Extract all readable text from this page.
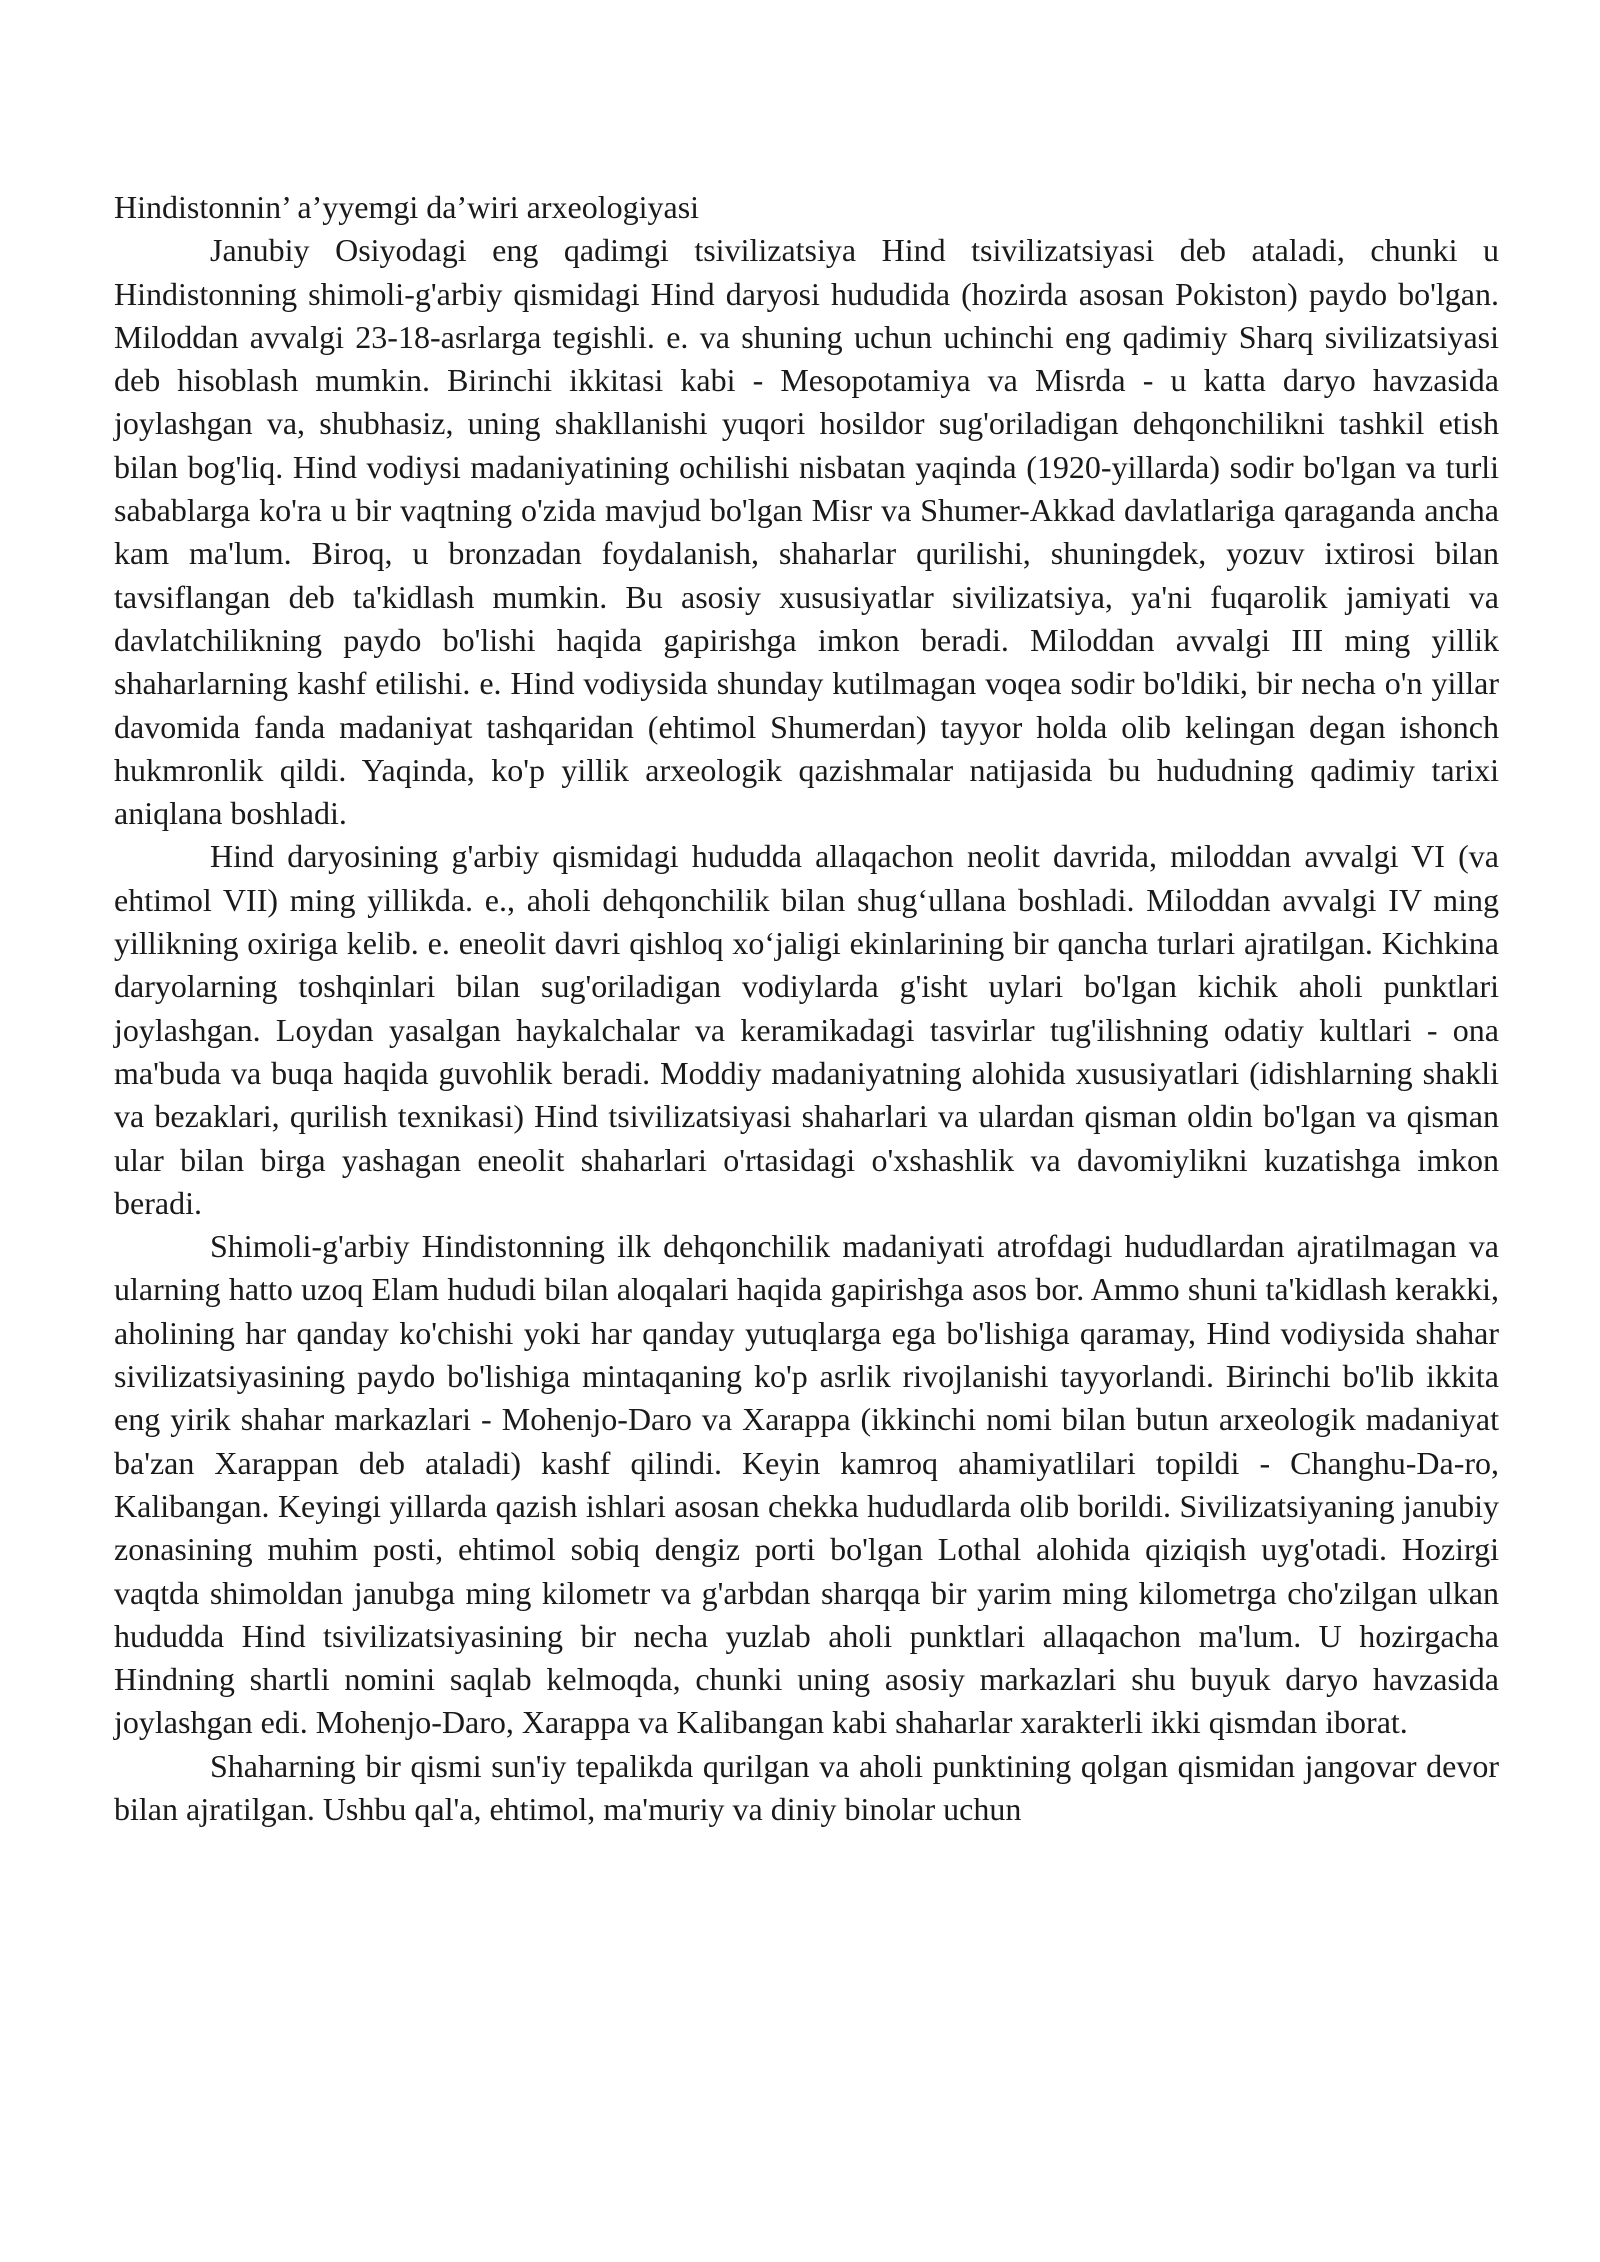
Hindistonnin’ a’yyemgi da’wiri arxeologiyasi

Janubiy Osiyodagi eng qadimgi tsivilizatsiya Hind tsivilizatsiyasi deb ataladi, chunki u Hindistonning shimoli-g'arbiy qismidagi Hind daryosi hududida (hozirda asosan Pokiston) paydo bo'lgan. Miloddan avvalgi 23-18-asrlarga tegishli. e. va shuning uchun uchinchi eng qadimiy Sharq sivilizatsiyasi deb hisoblash mumkin. Birinchi ikkitasi kabi - Mesopotamiya va Misrda - u katta daryo havzasida joylashgan va, shubhasiz, uning shakllanishi yuqori hosildor sug'oriladigan dehqonchilikni tashkil etish bilan bog'liq. Hind vodiysi madaniyatining ochilishi nisbatan yaqinda (1920-yillarda) sodir bo'lgan va turli sabablarga ko'ra u bir vaqtning o'zida mavjud bo'lgan Misr va Shumer-Akkad davlatlariga qaraganda ancha kam ma'lum. Biroq, u bronzadan foydalanish, shaharlar qurilishi, shuningdek, yozuv ixtirosi bilan tavsiflangan deb ta'kidlash mumkin. Bu asosiy xususiyatlar sivilizatsiya, ya'ni fuqarolik jamiyati va davlatchilikning paydo bo'lishi haqida gapirishga imkon beradi. Miloddan avvalgi III ming yillik shaharlarning kashf etilishi. e. Hind vodiysida shunday kutilmagan voqea sodir bo'ldiki, bir necha o'n yillar davomida fanda madaniyat tashqaridan (ehtimol Shumerdan) tayyor holda olib kelingan degan ishonch hukmronlik qildi. Yaqinda, ko'p yillik arxeologik qazishmalar natijasida bu hududning qadimiy tarixi aniqlana boshladi.

Hind daryosining g'arbiy qismidagi hududda allaqachon neolit davrida, miloddan avvalgi VI (va ehtimol VII) ming yillikda. e., aholi dehqonchilik bilan shug‘ullana boshladi. Miloddan avvalgi IV ming yillikning oxiriga kelib. e. eneolit davri qishloq xo‘jaligi ekinlarining bir qancha turlari ajratilgan. Kichkina daryolarning toshqinlari bilan sug'oriladigan vodiylarda g'isht uylari bo'lgan kichik aholi punktlari joylashgan. Loydan yasalgan haykalchalar va keramikadagi tasvirlar tug'ilishning odatiy kultlari - ona ma'buda va buqa haqida guvohlik beradi. Moddiy madaniyatning alohida xususiyatlari (idishlarning shakli va bezaklari, qurilish texnikasi) Hind tsivilizatsiyasi shaharlari va ulardan qisman oldin bo'lgan va qisman ular bilan birga yashagan eneolit shaharlari o'rtasidagi o'xshashlik va davomiylikni kuzatishga imkon beradi.

Shimoli-g'arbiy Hindistonning ilk dehqonchilik madaniyati atrofdagi hududlardan ajratilmagan va ularning hatto uzoq Elam hududi bilan aloqalari haqida gapirishga asos bor. Ammo shuni ta'kidlash kerakki, aholining har qanday ko'chishi yoki har qanday yutuqlarga ega bo'lishiga qaramay, Hind vodiysida shahar sivilizatsiyasining paydo bo'lishiga mintaqaning ko'p asrlik rivojlanishi tayyorlandi. Birinchi bo'lib ikkita eng yirik shahar markazlari - Mohenjo-Daro va Xarappa (ikkinchi nomi bilan butun arxeologik madaniyat ba'zan Xarappan deb ataladi) kashf qilindi. Keyin kamroq ahamiyatlilari topildi - Changhu-Da-ro, Kalibangan. Keyingi yillarda qazish ishlari asosan chekka hududlarda olib borildi. Sivilizatsiyaning janubiy zonasining muhim posti, ehtimol sobiq dengiz porti bo'lgan Lothal alohida qiziqish uyg'otadi. Hozirgi vaqtda shimoldan janubga ming kilometr va g'arbdan sharqqa bir yarim ming kilometrga cho'zilgan ulkan hududda Hind tsivilizatsiyasining bir necha yuzlab aholi punktlari allaqachon ma'lum. U hozirgacha Hindning shartli nomini saqlab kelmoqda, chunki uning asosiy markazlari shu buyuk daryo havzasida joylashgan edi. Mohenjo-Daro, Xarappa va Kalibangan kabi shaharlar xarakterli ikki qismdan iborat.

Shaharning bir qismi sun'iy tepalikda qurilgan va aholi punktining qolgan qismidan jangovar devor bilan ajratilgan. Ushbu qal'a, ehtimol, ma'muriy va diniy binolar uchun
